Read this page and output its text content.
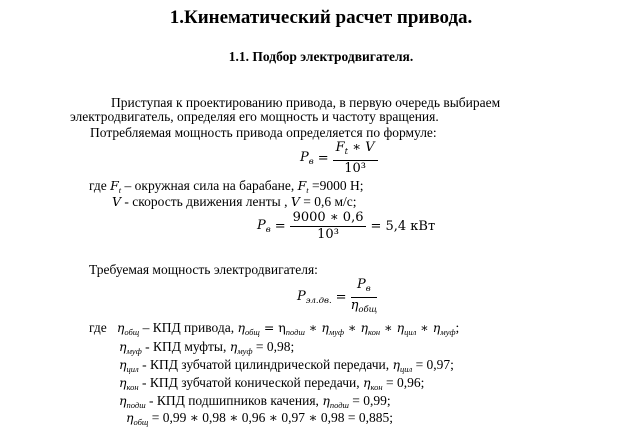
1.Кинематический расчет привода.
1.1. Подбор электродвигателя.
Приступая к проектированию привода, в первую очередь выбираем
электродвигатель, определяя его мощность и частоту вращения.
Потребляемая мощность привода определяется по формуле:
$P_в = \frac{F_t ∗ V}{\text{10³}}$
где $F_t$ – окружная сила на барабане, $F_t =9000$ Н;
V - скорость движения ленты , V = 0,6 м/с;
$P_в = \frac{9000 ∗ 0,6}{\text{10³}} = 5,4$ кВт
Требуемая мощность электродвигателя:
$P_{эл.дв.} = \frac{P_в}{\eta_{общ}}$
где $\eta_{общ}$ – КПД привода, $\eta_{общ} = \eta_{подш}$ ∗ $\eta_{муф}$ ∗ $\eta_{кон}$ ∗ $\eta_{цил}$ ∗ $\eta_{муф}$;
$\eta_{муф}$ - КПД муфты, $\eta_{муф} = 0,98$;
$\eta_{цил}$ - КПД зубчатой цилиндрической передачи, $\eta_{цил} = 0,97$;
$\eta_{кон}$ - КПД зубчатой конической передачи, $\eta_{кон} = 0,96$;
$\eta_{подш}$ - КПД подшипников качения, $\eta_{подш} = 0,99$;
$\eta_{общ} = 0,99$ ∗ 0,98 ∗ 0,96 ∗ 0,97 ∗ 0,98 = 0,885;
